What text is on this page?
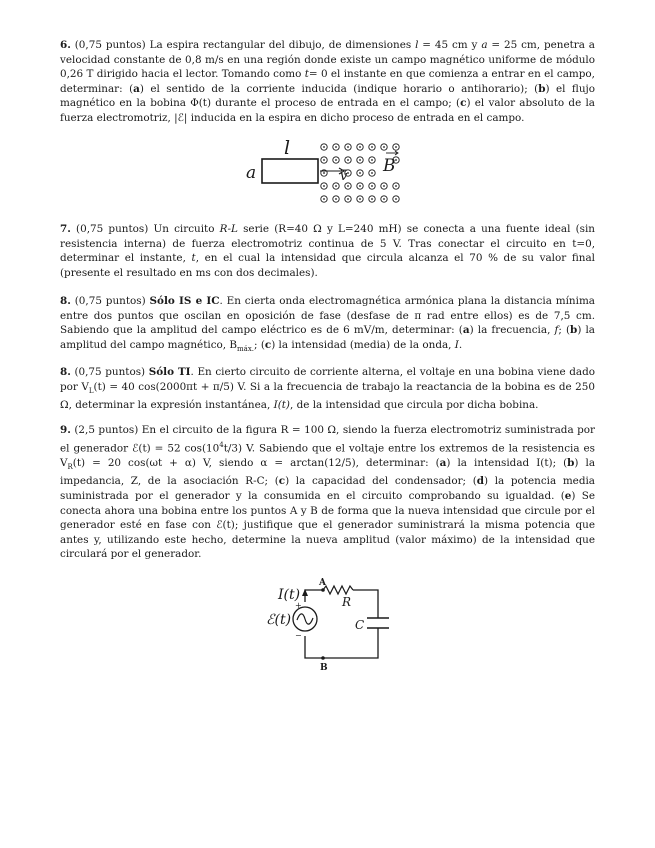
6. (0,75 puntos) La espira rectangular del dibujo, de dimensiones l = 45 cm y a = 25 cm, penetra a velocidad constante de 0,8 m/s en una región donde existe un campo magnético uniforme de módulo 0,26 T dirigido hacia el lector. Tomando como t= 0 el instante en que comienza a entrar en el campo, determinar: (a) el sentido de la corriente inducida (indique horario o antihorario); (b) el flujo magnético en la bobina Φ(t) durante el proceso de entrada en el campo; (c) el valor absoluto de la fuerza electromotriz, |ℰ| inducida en la espira en dicho proceso de entrada en el campo.

l
a	v
B

7. (0,75 puntos) Un circuito R-L serie (R=40 Ω y L=240 mH) se conecta a una fuente ideal (sin resistencia interna) de fuerza electromotriz continua de 5 V. Tras conectar el circuito en t=0, determinar el instante, t, en el cual la intensidad que circula alcanza el 70 % de su valor final (presente el resultado en ms con dos decimales).

8. (0,75 puntos) Sólo IS e IC. En cierta onda electromagnética armónica plana la distancia mínima entre dos puntos que oscilan en oposición de fase (desfase de π rad entre ellos) es de 7,5 cm. Sabiendo que la amplitud del campo eléctrico es de 6 mV/m, determinar: (a) la frecuencia, f; (b) la amplitud del campo magnético, $B_{máx.}$; (c) la intensidad (media) de la onda, I.

8. (0,75 puntos) Sólo TI. En cierto circuito de corriente alterna, el voltaje en una bobina viene dado por $V_L(t) = 40$ cos(2000πt + π/5) V. Si a la frecuencia de trabajo la reactancia de la bobina es de 250 Ω, determinar la expresión instantánea, I(t), de la intensidad que circula por dicha bobina.

9. (2,5 puntos) En el circuito de la figura R = 100 Ω, siendo la fuerza electromotriz suministrada por el generador ℰ(t) = 52 $\cos(10^4t/3)$ V. Sabiendo que el voltaje entre los extremos de la resistencia es $V_R(t) = 20$ cos(ωt + α) V, siendo α = arctan(12/5), determinar: (a) la intensidad I(t); (b) la impedancia, Z, de la asociación R-C; (c) la capacidad del condensador; (d) la potencia media suministrada por el generador y la consumida en el circuito comprobando su igualdad. (e) Se conecta ahora una bobina entre los puntos A y B de forma que la nueva intensidad que circule por el generador esté en fase con ℰ(t); justifique que el generador suministrará la misma potencia que antes y, utilizando este hecho, determine la nueva amplitud (valor máximo) de la intensidad que circulará por el generador.

I(t)
ℰ(t)
A
B
R
C
+
−
